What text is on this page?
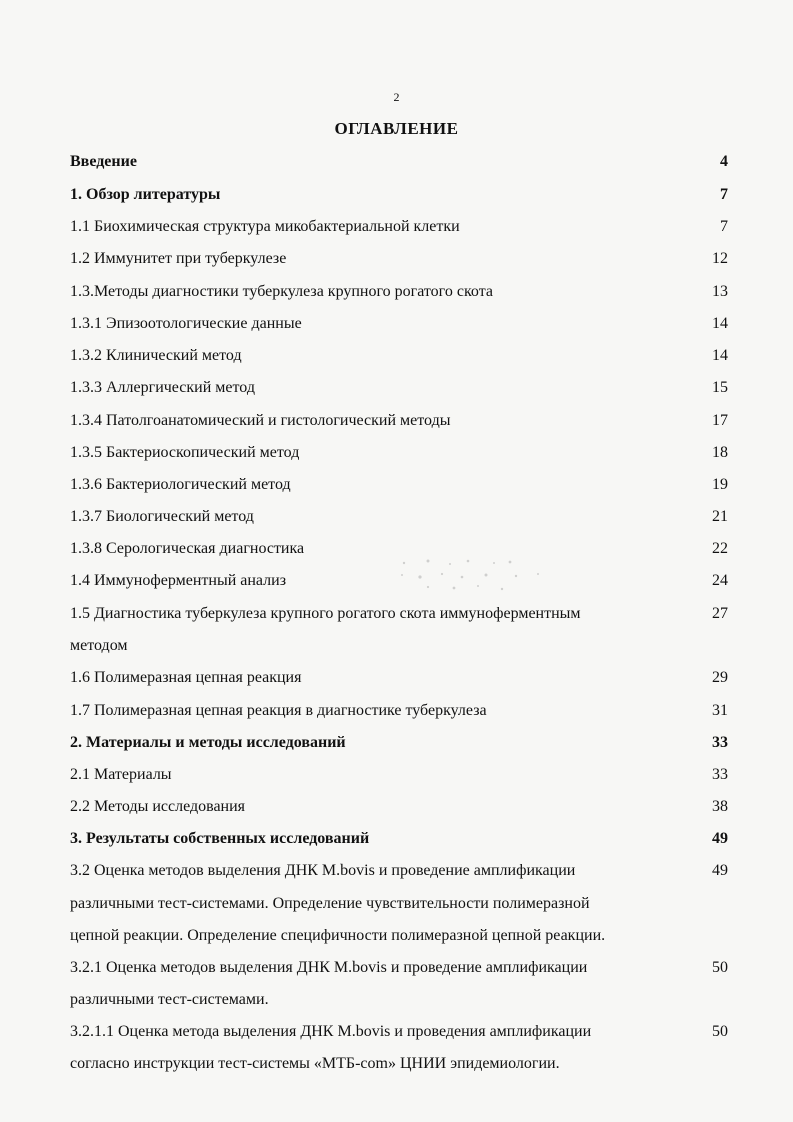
2
ОГЛАВЛЕНИЕ
Введение	4
1. Обзор литературы	7
1.1 Биохимическая структура микобактериальной клетки	7
1.2 Иммунитет при туберкулезе	12
1.3.Методы диагностики туберкулеза крупного рогатого скота	13
1.3.1 Эпизоотологические данные	14
1.3.2 Клинический метод	14
1.3.3 Аллергический метод	15
1.3.4 Патолгоанатомический и гистологический методы	17
1.3.5 Бактериоскопический метод	18
1.3.6 Бактериологический метод	19
1.3.7 Биологический метод	21
1.3.8 Серологическая диагностика	22
1.4 Иммуноферментный анализ	24
1.5 Диагностика туберкулеза крупного рогатого скота иммуноферментным	27
методом
1.6 Полимеразная цепная реакция	29
1.7 Полимеразная цепная реакция в диагностике туберкулеза	31
2. Материалы и методы исследований	33
2.1 Материалы	33
2.2 Методы исследования	38
3. Результаты собственных исследований	49
3.2 Оценка методов выделения ДНК M.bovis и проведение амплификации	49
различными тест-системами. Определение чувствительности полимеразной
цепной реакции. Определение специфичности полимеразной цепной реакции.
3.2.1 Оценка методов выделения ДНК M.bovis и проведение амплификации	50
различными тест-системами.
3.2.1.1 Оценка метода выделения ДНК M.bovis и проведения амплификации	50
согласно инструкции тест-системы «МТБ-com» ЦНИИ эпидемиологии.
